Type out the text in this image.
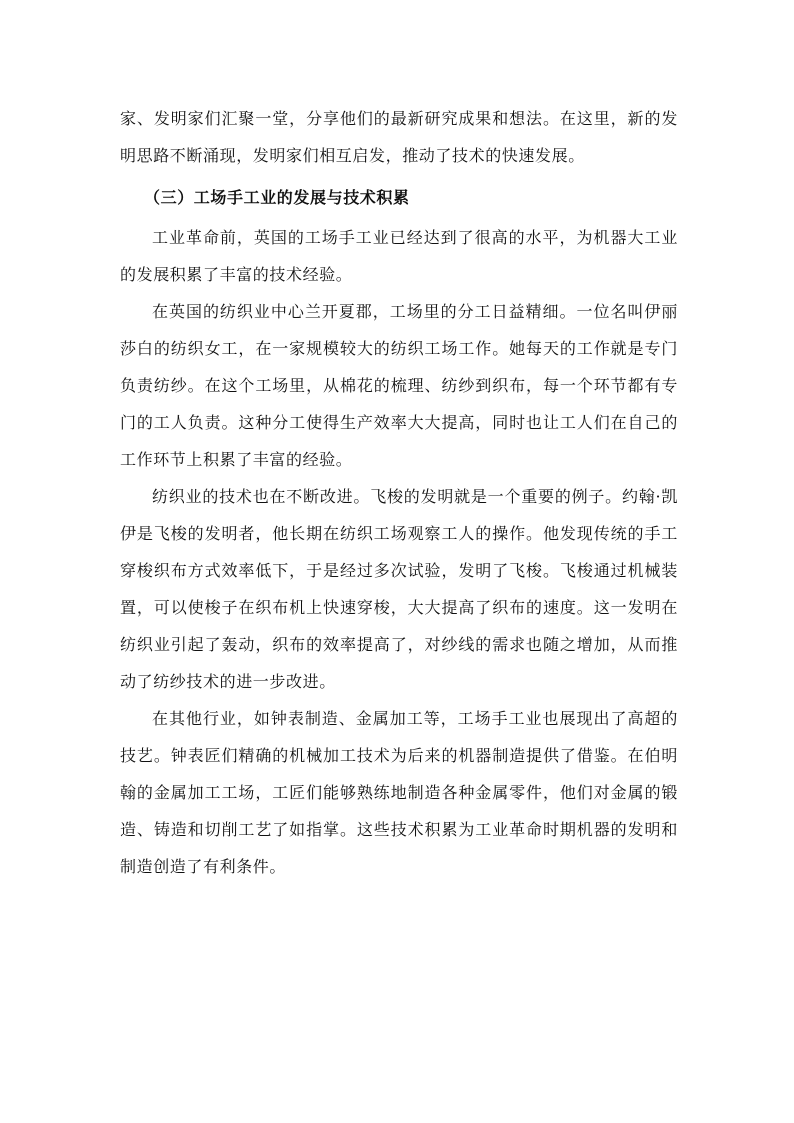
家、发明家们汇聚一堂，分享他们的最新研究成果和想法。在这里，新的发明思路不断涌现，发明家们相互启发，推动了技术的快速发展。

（三）工场手工业的发展与技术积累

工业革命前，英国的工场手工业已经达到了很高的水平，为机器大工业的发展积累了丰富的技术经验。

在英国的纺织业中心兰开夏郡，工场里的分工日益精细。一位名叫伊丽莎白的纺织女工，在一家规模较大的纺织工场工作。她每天的工作就是专门负责纺纱。在这个工场里，从棉花的梳理、纺纱到织布，每一个环节都有专门的工人负责。这种分工使得生产效率大大提高，同时也让工人们在自己的工作环节上积累了丰富的经验。

纺织业的技术也在不断改进。飞梭的发明就是一个重要的例子。约翰·凯伊是飞梭的发明者，他长期在纺织工场观察工人的操作。他发现传统的手工穿梭织布方式效率低下，于是经过多次试验，发明了飞梭。飞梭通过机械装置，可以使梭子在织布机上快速穿梭，大大提高了织布的速度。这一发明在纺织业引起了轰动，织布的效率提高了，对纱线的需求也随之增加，从而推动了纺纱技术的进一步改进。

在其他行业，如钟表制造、金属加工等，工场手工业也展现出了高超的技艺。钟表匠们精确的机械加工技术为后来的机器制造提供了借鉴。在伯明翰的金属加工工场，工匠们能够熟练地制造各种金属零件，他们对金属的锻造、铸造和切削工艺了如指掌。这些技术积累为工业革命时期机器的发明和制造创造了有利条件。
